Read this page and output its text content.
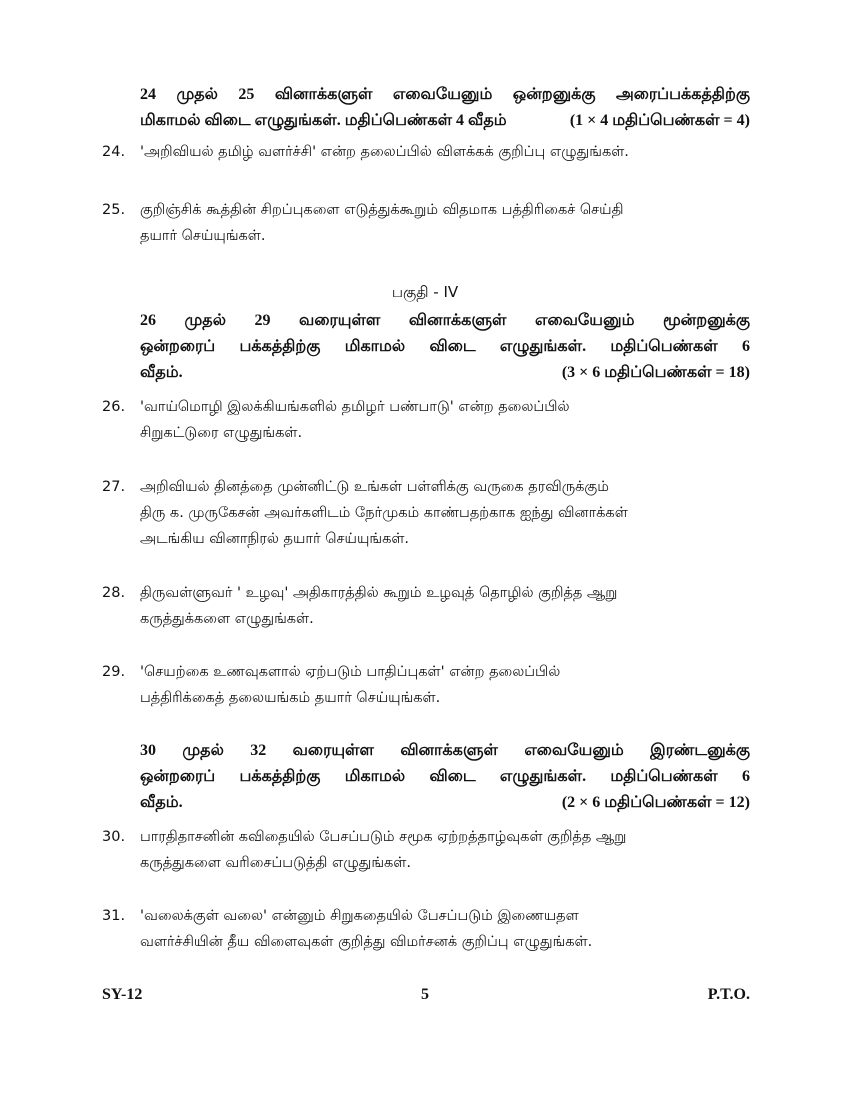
24 முதல் 25 வினாக்களுள் எவையேனும் ஒன்றனுக்கு அரைப்பக்கத்திற்கு
மிகாமல் விடை எழுதுங்கள். மதிப்பெண்கள் 4 வீதம்	(1 × 4 மதிப்பெண்கள் = 4)
24.	'அறிவியல் தமிழ் வளர்ச்சி' என்ற தலைப்பில் விளக்கக் குறிப்பு எழுதுங்கள்.
25.	குறிஞ்சிக் கூத்தின் சிறப்புகளை எடுத்துக்கூறும் விதமாக பத்திரிகைச் செய்தி
தயார் செய்யுங்கள்.
பகுதி - IV
26 முதல் 29 வரையுள்ள வினாக்களுள் எவையேனும் மூன்றனுக்கு
ஒன்றரைப் பக்கத்திற்கு மிகாமல் விடை எழுதுங்கள். மதிப்பெண்கள் 6
வீதம்.	(3 × 6 மதிப்பெண்கள் = 18)
26.	'வாய்மொழி இலக்கியங்களில் தமிழர் பண்பாடு' என்ற தலைப்பில்
சிறுகட்டுரை எழுதுங்கள்.
27.	அறிவியல் தினத்தை முன்னிட்டு உங்கள் பள்ளிக்கு வருகை தரவிருக்கும்
திரு க. முருகேசன் அவர்களிடம் நேர்முகம் காண்பதற்காக ஐந்து வினாக்கள்
அடங்கிய வினாநிரல் தயார் செய்யுங்கள்.
28.	திருவள்ளுவர் ' உழவு' அதிகாரத்தில் கூறும் உழவுத் தொழில் குறித்த ஆறு
கருத்துக்களை எழுதுங்கள்.
29.	'செயற்கை உணவுகளால் ஏற்படும் பாதிப்புகள்' என்ற தலைப்பில்
பத்திரிக்கைத் தலையங்கம் தயார் செய்யுங்கள்.
30 முதல் 32 வரையுள்ள வினாக்களுள் எவையேனும் இரண்டனுக்கு
ஒன்றரைப் பக்கத்திற்கு மிகாமல் விடை எழுதுங்கள். மதிப்பெண்கள் 6
வீதம்.	(2 × 6 மதிப்பெண்கள் = 12)
30.	பாரதிதாசனின் கவிதையில் பேசப்படும் சமூக ஏற்றத்தாழ்வுகள் குறித்த ஆறு
கருத்துகளை வரிசைப்படுத்தி எழுதுங்கள்.
31.	'வலைக்குள் வலை' என்னும் சிறுகதையில் பேசப்படும் இணையதள
வளர்ச்சியின் தீய விளைவுகள் குறித்து விமர்சனக் குறிப்பு எழுதுங்கள்.
SY-12	5	P.T.O.
